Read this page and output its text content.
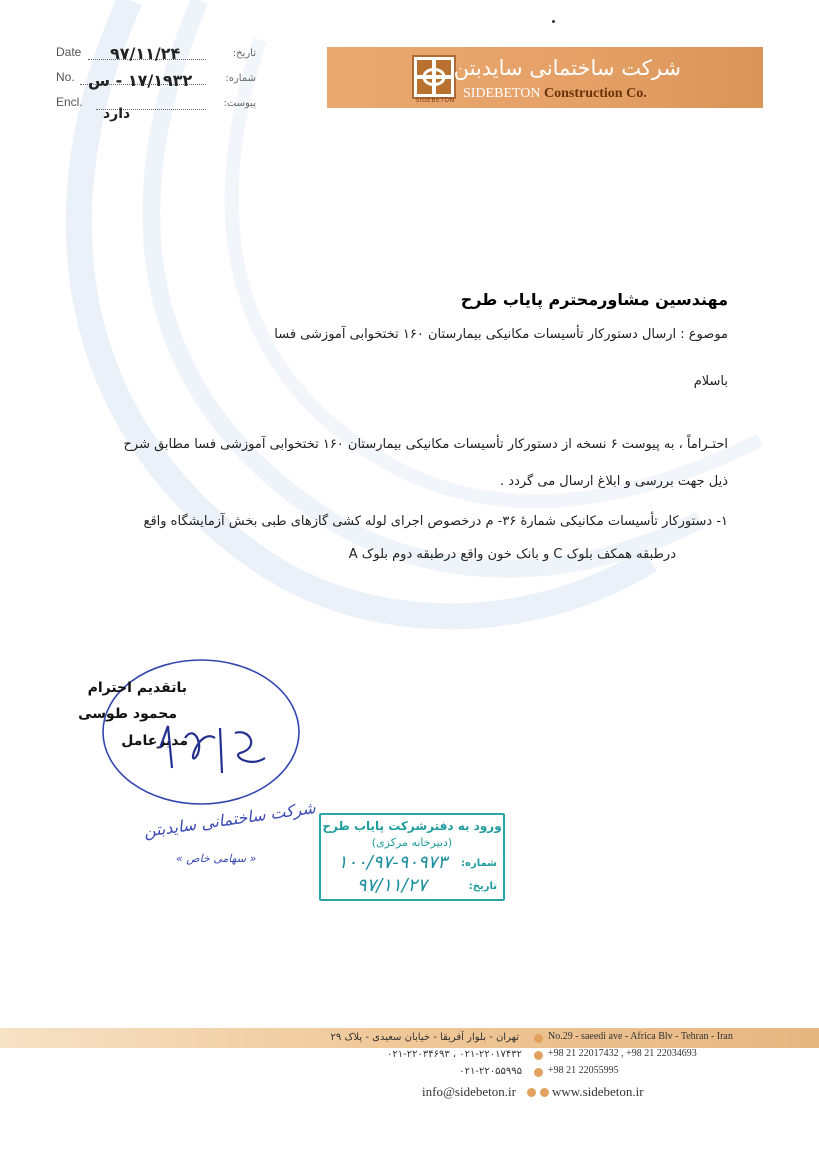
SIDEBETON
شرکت ساختمانی سایدبتن
SIDEBETON Construction Co.
Date	تاریخ:
۹۷/۱۱/۲۴
No.	شماره:
۱۷/۱۹۳۲ - س
Encl.	پیوست:
دارد
مهندسین مشاورمحترم پایاب طرح
موصوع : ارسال دستورکار تأسیسات مکانیکی بیمارستان ۱۶۰ تختخوابی آموزشی فسا
باسلام
احتـراماً ، به پیوست ۶ نسخه از دستورکار تأسیسات مکانیکی بیمارستان ۱۶۰ تختخوابی آموزشی فسا مطابق شرح
ذیل جهت بررسی و ابلاغ ارسال می گردد .
۱- دستورکار تأسیسات مکانیکی شمارهٔ ۳۶- م درخصوص اجرای لوله کشی گازهای طبی بخش آزمایشگاه واقع
درطبقه همکف بلوک C و بانک خون واقع درطبقه دوم بلوک A
باتقدیم احترام
محمود طوسی
مدیرعامل
شرکت ساختمانی سایدبتن
« سهامی خاص »
ورود به دفترشرکت پایاب طرح
(دبیرخانه مرکزی)
شماره:
۱۰۰/۹۷-۹۰۹۷۳
تاریخ:
۹۷/۱۱/۲۷
تهران - بلوار آفریقا - خیابان سعیدی - پلاک ۲۹	No.29 - saeedi ave - Africa Blv - Tehran - Iran
۰۲۱-۲۲۰۱۷۴۳۲ ، ۰۲۱-۲۲۰۳۴۶۹۳	+98 21 22017432 , +98 21 22034693
۰۲۱-۲۲۰۵۵۹۹۵	+98 21 22055995
info@sidebeton.ir	www.sidebeton.ir
